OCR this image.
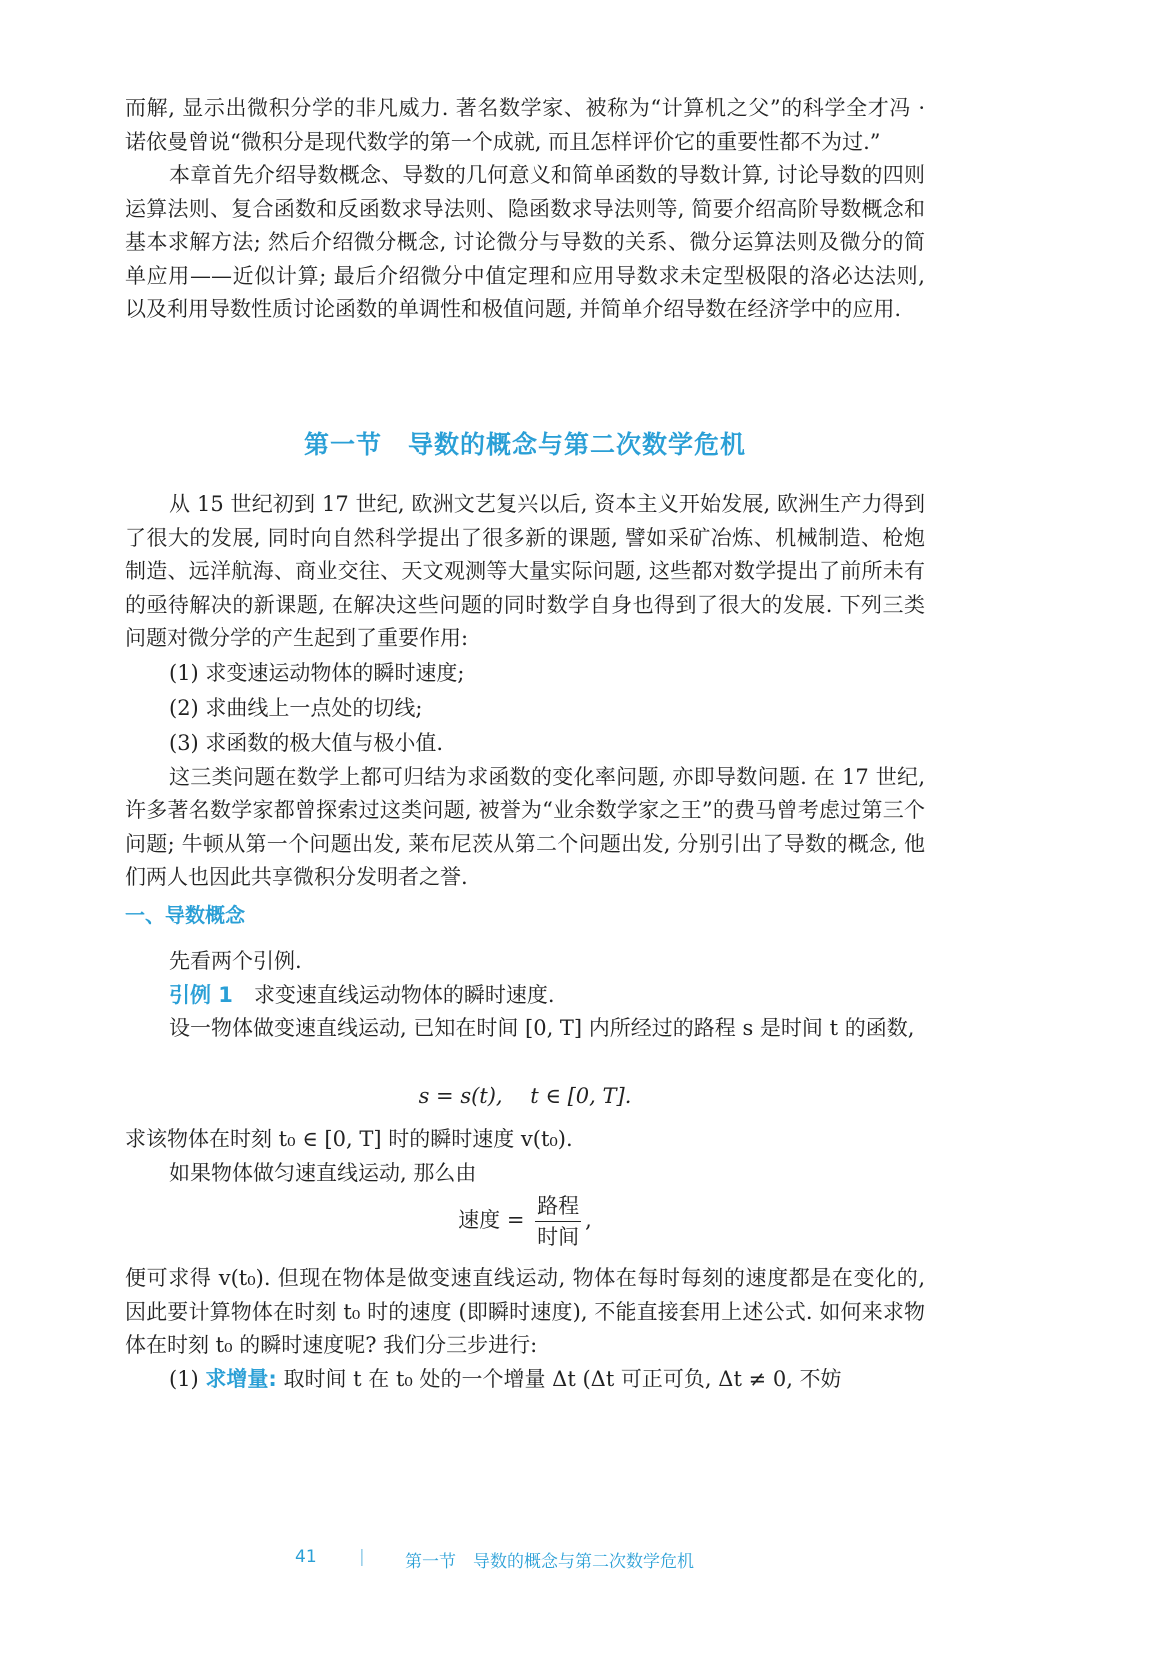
而解, 显示出微积分学的非凡威力. 著名数学家、被称为“计算机之父”的科学全才冯 · 诺依曼曾说“微积分是现代数学的第一个成就, 而且怎样评价它的重要性都不为过.”

本章首先介绍导数概念、导数的几何意义和简单函数的导数计算, 讨论导数的四则运算法则、复合函数和反函数求导法则、隐函数求导法则等, 简要介绍高阶导数概念和基本求解方法; 然后介绍微分概念, 讨论微分与导数的关系、微分运算法则及微分的简单应用——近似计算; 最后介绍微分中值定理和应用导数求未定型极限的洛必达法则, 以及利用导数性质讨论函数的单调性和极值问题, 并简单介绍导数在经济学中的应用.

第一节　导数的概念与第二次数学危机

从 15 世纪初到 17 世纪, 欧洲文艺复兴以后, 资本主义开始发展, 欧洲生产力得到了很大的发展, 同时向自然科学提出了很多新的课题, 譬如采矿冶炼、机械制造、枪炮制造、远洋航海、商业交往、天文观测等大量实际问题, 这些都对数学提出了前所未有的亟待解决的新课题, 在解决这些问题的同时数学自身也得到了很大的发展. 下列三类问题对微分学的产生起到了重要作用:

(1) 求变速运动物体的瞬时速度;

(2) 求曲线上一点处的切线;

(3) 求函数的极大值与极小值.

这三类问题在数学上都可归结为求函数的变化率问题, 亦即导数问题. 在 17 世纪, 许多著名数学家都曾探索过这类问题, 被誉为“业余数学家之王”的费马曾考虑过第三个问题; 牛顿从第一个问题出发, 莱布尼茨从第二个问题出发, 分别引出了导数的概念, 他们两人也因此共享微积分发明者之誉.

一、导数概念

先看两个引例.

引例 1　 求变速直线运动物体的瞬时速度.

设一物体做变速直线运动, 已知在时间 [0, T] 内所经过的路程 s 是时间 t 的函数,

s = s(t),　 t ∈ [0, T].

求该物体在时刻 t₀ ∈ [0, T] 时的瞬时速度 v(t₀).

如果物体做匀速直线运动, 那么由

速度 = $\frac{\text{路程}}{\text{时间}}$ ,

便可求得 v(t₀). 但现在物体是做变速直线运动, 物体在每时每刻的速度都是在变化的, 因此要计算物体在时刻 t₀ 时的速度 (即瞬时速度), 不能直接套用上述公式. 如何来求物体在时刻 t₀ 的瞬时速度呢? 我们分三步进行:

(1) 求增量: 取时间 t 在 t₀ 处的一个增量 Δt (Δt 可正可负, Δt ≠ 0, 不妨

41 | 第一节　导数的概念与第二次数学危机
